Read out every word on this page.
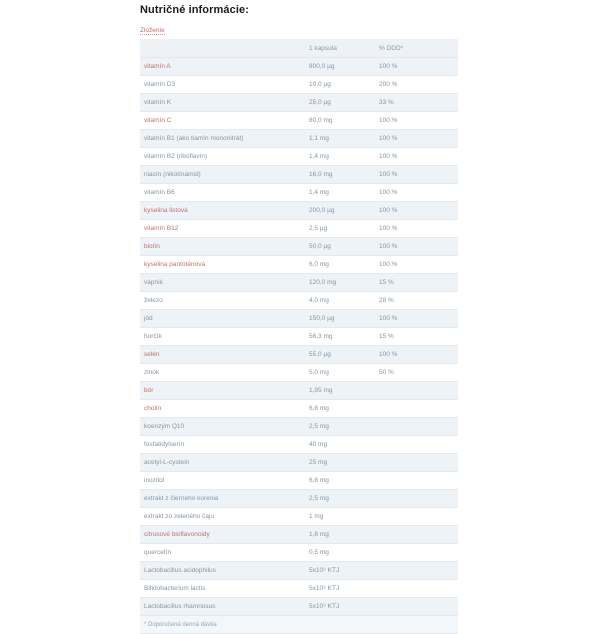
Nutričné informácie:
Zloženie
	1 kapsula	% DDD*
vitamín A	800,0 µg	100 %
vitamín D3	10,0 µg	200 %
vitamín K	25,0 µg	33 %
vitamín C	80,0 mg	100 %
vitamín B1 (ako tiamín mononitrát)	1,1 mg	100 %
vitamín B2 (riboflavín)	1,4 mg	100 %
niacín (nikotínamid)	16,0 mg	100 %
vitamín B6	1,4 mg	100 %
kyselina listová	200,0 µg	100 %
vitamín B12	2,5 µg	100 %
biotín	50,0 µg	100 %
kyselina pantoténová	6,0 mg	100 %
vápnik	120,0 mg	15 %
železo	4,0 mg	28 %
jód	150,0 µg	100 %
horčík	56,3 mg	15 %
selén	55,0 µg	100 %
zinok	5,0 mg	50 %
bór	1,95 mg	
cholín	6,8 mg	
koenzým Q10	2,5 mg	
fosfatidylserín	40 mg	
acetyl-L-cysteín	25 mg	
inozitol	6,8 mg	
extrakt z čierneho korenia	2,5 mg	
extrakt zo zeleného čaju	1 mg	
citrusové bioflavonoidy	1,6 mg	
quercetín	0,5 mg	
Lactobacillus acidophilus	5x10⁹ KTJ	
Bifidobacterium lactis	5x10⁹ KTJ	
Lactobacillus rhamnosus	5x10⁹ KTJ	
* Doporučená denná dávka		
